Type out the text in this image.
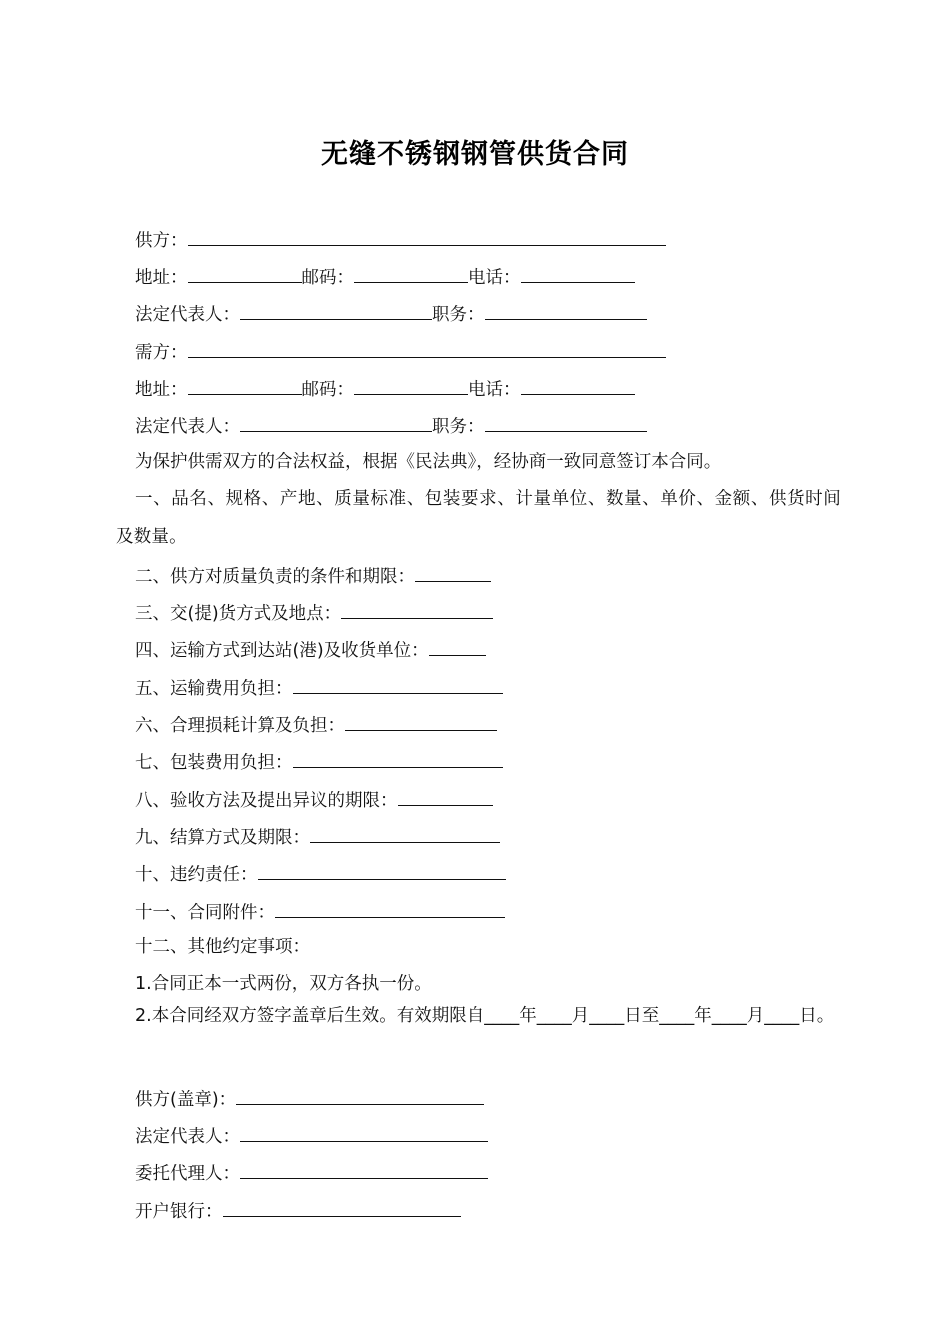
无缝不锈钢钢管供货合同
供方：
地址：	邮码：	电话：
法定代表人：	职务：
需方：
地址：	邮码：	电话：
法定代表人：	职务：
为保护供需双方的合法权益，根据《民法典》，经协商一致同意签订本合同。
一、品名、规格、产地、质量标准、包装要求、计量单位、数量、单价、金额、供货时间及数量。
二、供方对质量负责的条件和期限：
三、交(提)货方式及地点：
四、运输方式到达站(港)及收货单位：
五、运输费用负担：
六、合理损耗计算及负担：
七、包装费用负担：
八、验收方法及提出异议的期限：
九、结算方式及期限：
十、违约责任：
十一、合同附件：
十二、其他约定事项：
1.合同正本一式两份，双方各执一份。
2.本合同经双方签字盖章后生效。有效期限自____年____月____日至____年____月____日。
供方(盖章)：
法定代表人：
委托代理人：
开户银行：
